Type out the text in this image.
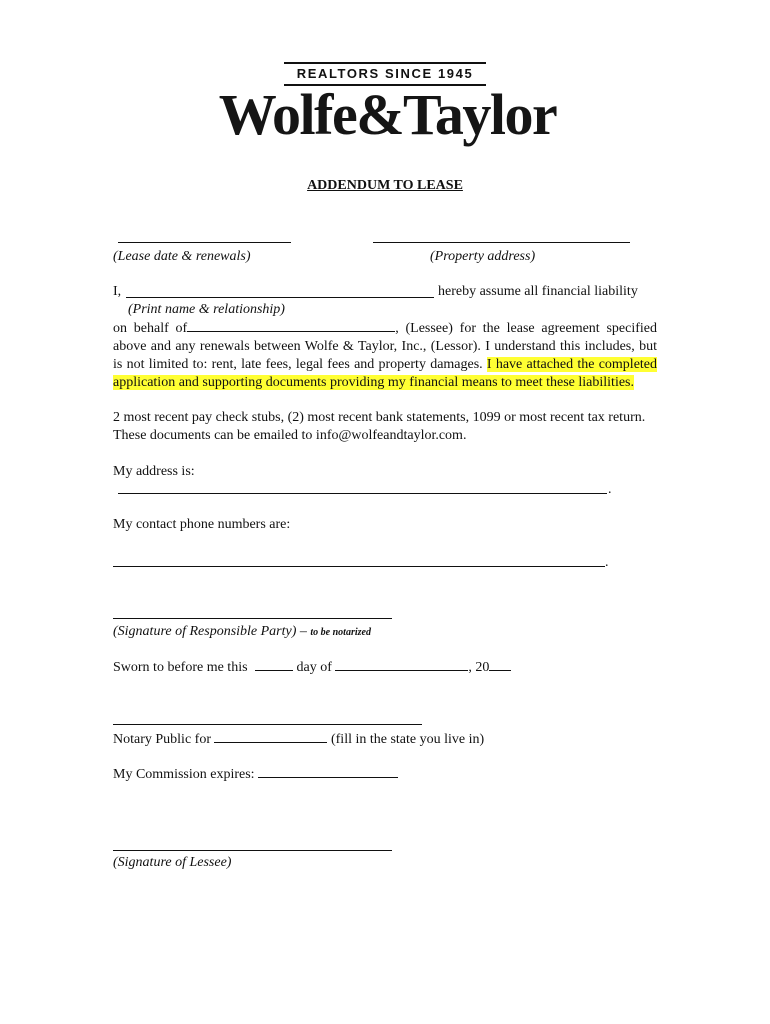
REALTORS SINCE 1945
Wolfe&Taylor
ADDENDUM TO LEASE
(Lease date & renewals)	(Property address)
I,	hereby assume all financial liability
(Print name & relationship)
on behalf of	, (Lessee) for the lease agreement specified above and any renewals between Wolfe & Taylor, Inc., (Lessor). I understand this includes, but is not limited to: rent, late fees, legal fees and property damages. I have attached the completed application and supporting documents providing my financial means to meet these liabilities.
2 most recent pay check stubs, (2) most recent bank statements, 1099 or most recent tax return. These documents can be emailed to info@wolfeandtaylor.com.
My address is:
.
My contact phone numbers are:
.
(Signature of Responsible Party) – to be notarized
Sworn to before me this	day of	, 20
Notary Public for	(fill in the state you live in)
My Commission expires:
(Signature of Lessee)
